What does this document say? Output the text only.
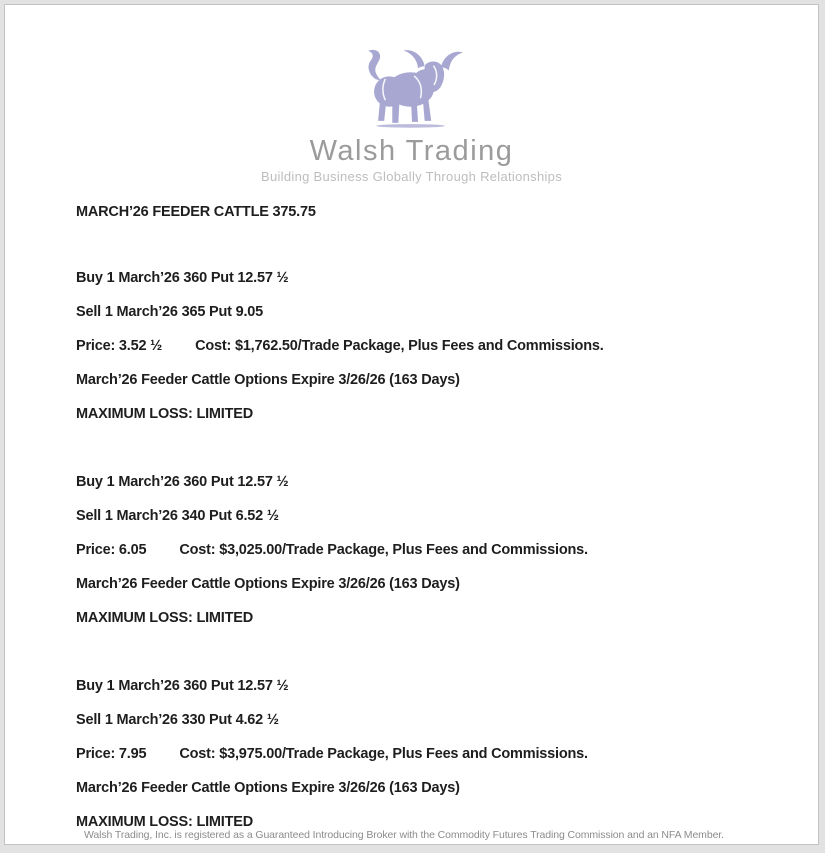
Walsh Trading
Building Business Globally Through Relationships

MARCH’26 FEEDER CATTLE 375.75

Buy 1 March’26 360 Put 12.57 ½

Sell 1 March’26 365 Put 9.05

Price: 3.52 ½ Cost: $1,762.50/Trade Package, Plus Fees and Commissions.

March’26 Feeder Cattle Options Expire 3/26/26 (163 Days)

MAXIMUM LOSS: LIMITED

Buy 1 March’26 360 Put 12.57 ½

Sell 1 March’26 340 Put 6.52 ½

Price: 6.05 Cost: $3,025.00/Trade Package, Plus Fees and Commissions.

March’26 Feeder Cattle Options Expire 3/26/26 (163 Days)

MAXIMUM LOSS: LIMITED

Buy 1 March’26 360 Put 12.57 ½

Sell 1 March’26 330 Put 4.62 ½

Price: 7.95 Cost: $3,975.00/Trade Package, Plus Fees and Commissions.

March’26 Feeder Cattle Options Expire 3/26/26 (163 Days)

MAXIMUM LOSS: LIMITED

Walsh Trading, Inc. is registered as a Guaranteed Introducing Broker with the Commodity Futures Trading Commission and an NFA Member.
